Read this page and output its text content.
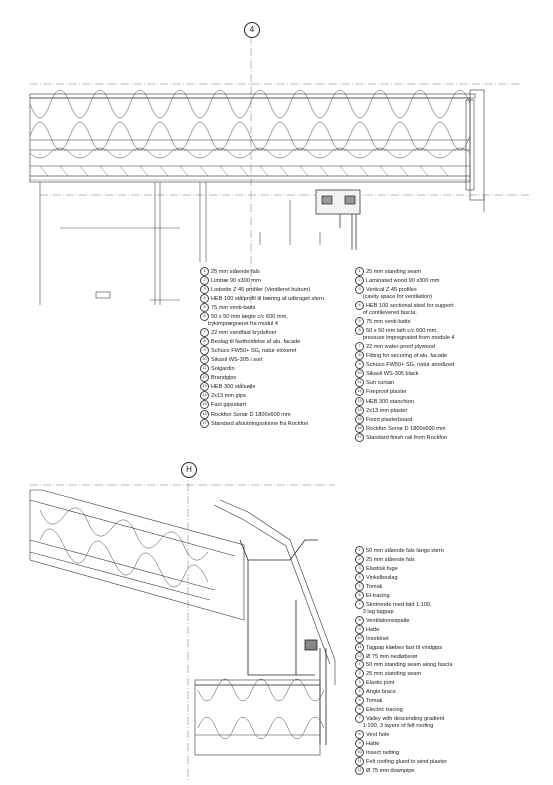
4
H
1 25 mm stående fals
2 Limtræ 90 x300 mm
3 Lodrette Z 45 profiler (Ventileret hulrum)
4 HEB 100 stålprofil til bæring af udkraget stern.
5 75 mm venti-batts
6 50 x 50 mm lægte c/c 600 mm,
trykimprægneret fra modul 4
7 22 mm vandfast krydsfiner
8 Beslag til fastholdelse af alu. facade
9 Schüco FW50+ SG, natur eloxeret
10 Sikasil WS-305 i sort
11 Solgardin
12 Brandgips
13 HEB 300 stålsøjle
14 2x13 mm gips
15 Fast gipsskørt
16 Rockfon Sonar D 1800x600 mm
17 Standard afslutningsskinne fra Rockfon
1 25 mm standing seam
2 Laminated wood 90 x300 mm
3 Vertical Z 45 profiles
(cavity space for ventilation)
4 HEB 100 sectional steel for support
of contilevered fascia.
5 75 mm venti-batts
6 50 x 50 mm lath c/c 600 mm,
pressure impregnated from module 4
7 22 mm water-proof plywood
8 Fitting for securing of alu. facade
9 Schüco FW50+ SG, natur anodized
10 Sikasil WS-305 black
11 Sun curtain
12 Fireproof plaster
13 HEB 300 stanchion
14 2x13 mm plaster
15 Fixed plasterboard
16 Rockfon Sonar D 1800x600 mm
17 Standard finish rail from Rockfon
1 50 mm stående fals langs stern
2 25 mm stående fals
3 Elastisk fuge
4 Vinkelbeslag
5 Tomak
6 El-tracing
7 Skotrende med fald 1:100,
3 lag tagpap
8 Ventilationsspalte
9 Hatte
10 Insektnet
11 Tagpap klæbes fast til vindgips
12 Ø 75 mm nedløbsrør
1 50 mm standing seam along fascia
2 25 mm standing seam
3 Elastic joint
4 Angle brace
5 Tomak
6 Electric tracing
7 Valley with descending gradient
1:100, 3 layers of felt roofing
8 Vent hole
9 Hatte
10 Insect netting
11 Felt roofing glued to wind plaster
12 Ø 75 mm downpipe
